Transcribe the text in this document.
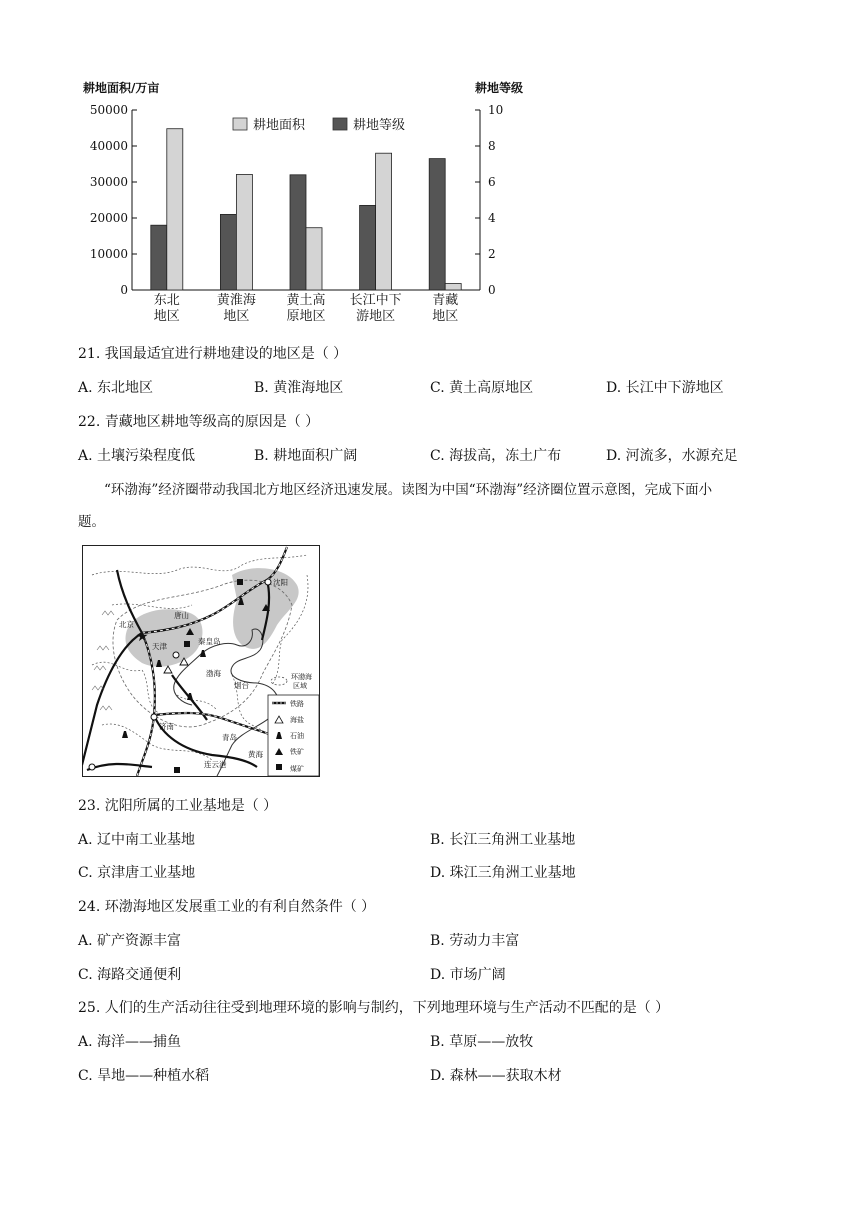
耕地面积/万亩	耕地等级
50000
40000
30000
20000
10000
0
10
8
6
4
2
0
东北
地区
黄淮海
地区
黄土高
原地区
长江中下
游地区
青藏
地区
耕地面积	耕地等级
21. 我国最适宜进行耕地建设的地区是（ ）
A. 东北地区	B. 黄淮海地区	C. 黄土高原地区	D. 长江中下游地区
22. 青藏地区耕地等级高的原因是（ ）
A. 土壤污染程度低	B. 耕地面积广阔	C. 海拔高，冻土广布	D. 河流多，水源充足
“环渤海”经济圈带动我国北方地区经济迅速发展。读图为中国“环渤海”经济圈位置示意图，完成下面小
题。
★
沈阳
北京
唐山
天津
秦皇岛
渤海
烟台
济南
青岛
黄海
连云港
环渤海
区域
铁路
海盐
石油
铁矿
煤矿
23. 沈阳所属的工业基地是（ ）
A. 辽中南工业基地	B. 长江三角洲工业基地
C. 京津唐工业基地	D. 珠江三角洲工业基地
24. 环渤海地区发展重工业的有利自然条件（ ）
A. 矿产资源丰富	B. 劳动力丰富
C. 海路交通便利	D. 市场广阔
25. 人们的生产活动往往受到地理环境的影响与制约，下列地理环境与生产活动不匹配的是（ ）
A. 海洋——捕鱼	B. 草原——放牧
C. 旱地——种植水稻	D. 森林——获取木材
